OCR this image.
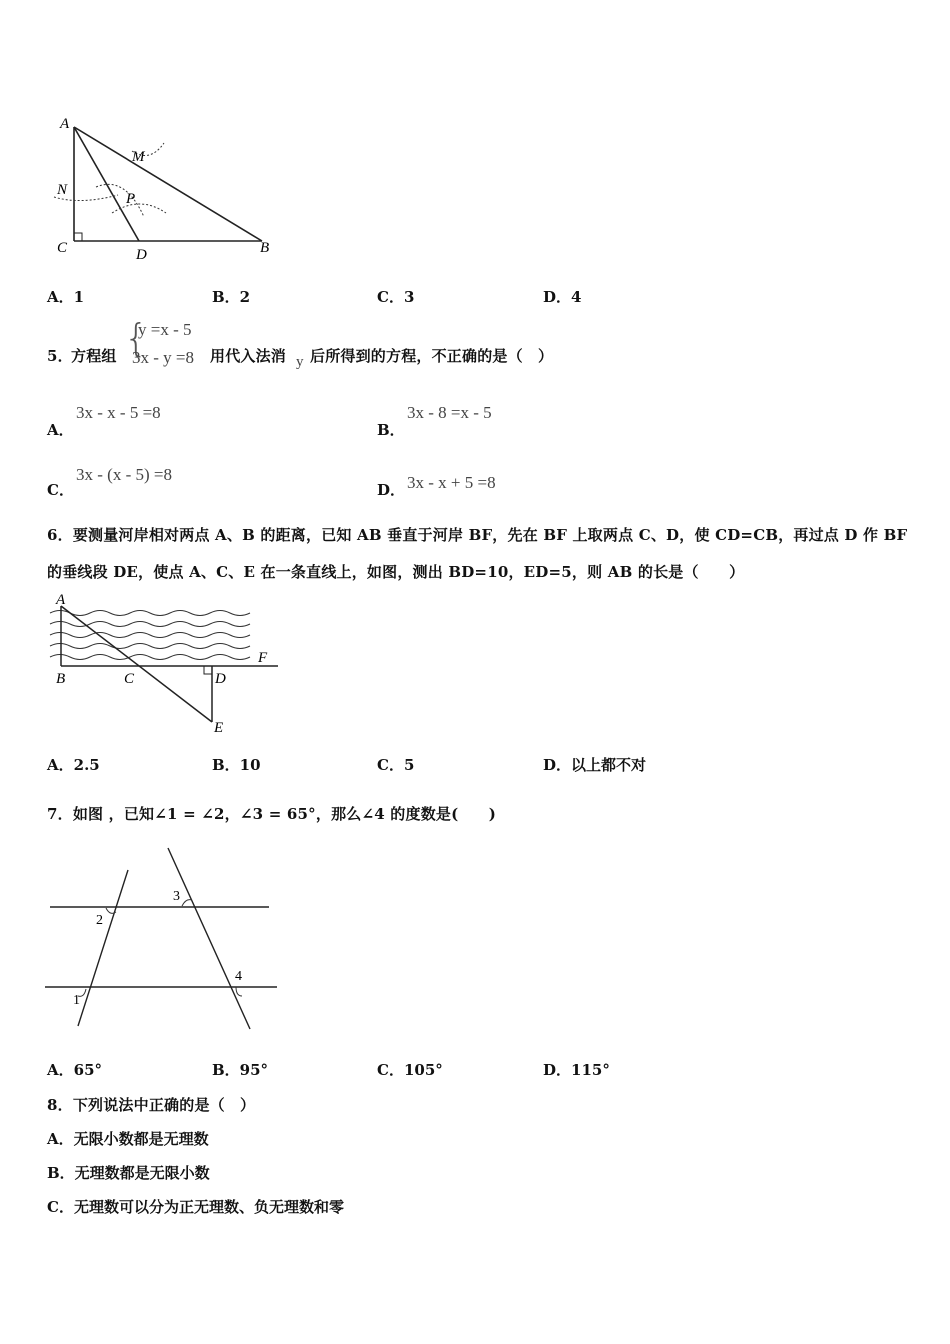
A
M
N
P
C	D	B
A．1	B．2	C．3	D．4
5．
方程组 {
y =x - 5
3x - y =8 用代入法消 y 后所得到的方程，不正确的是（　）
A．
3x - x - 5 =8
B．
3x - 8 =x - 5
C．
3x - (x - 5) =8
D． 3x - x + 5 =8
6．要测量河岸相对两点 A、B 的距离，已知 AB 垂直于河岸 BF，先在 BF 上取两点 C、D，使 CD=CB，再过点 D 作 BF
的垂线段 DE，使点 A、C、E 在一条直线上，如图，测出 BD=10，ED=5，则 AB 的长是（　　）
A
B	C	D
E
F
A．2.5	B．10	C．5	D．以上都不对
7．如图 ，已知∠1 = ∠2，∠3 = 65°，那么∠4 的度数是(　　)
2
1
3
4
A．65°	B．95°	C．105°	D．115°
8．下列说法中正确的是（　）
A．无限小数都是无理数
B．无理数都是无限小数
C．无理数可以分为正无理数、负无理数和零
